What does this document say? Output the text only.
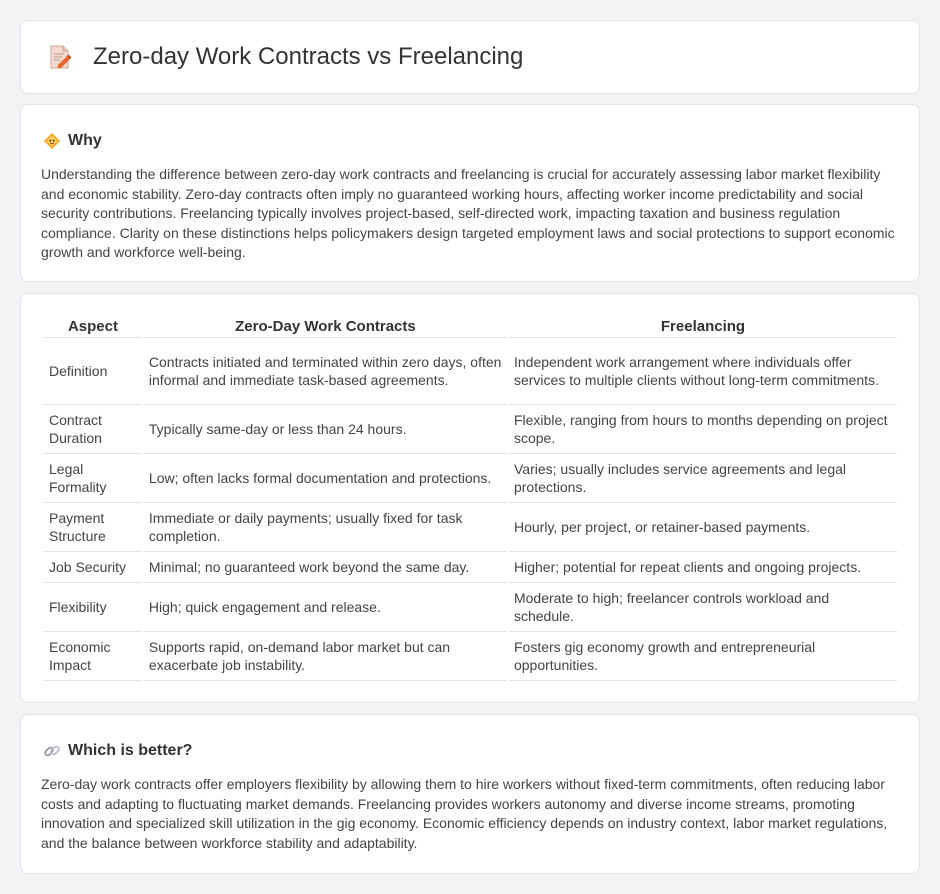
Zero-day Work Contracts vs Freelancing
Why

Understanding the difference between zero-day work contracts and freelancing is crucial for accurately assessing labor market flexibility and economic stability. Zero-day contracts often imply no guaranteed working hours, affecting worker income predictability and social security contributions. Freelancing typically involves project-based, self-directed work, impacting taxation and business regulation compliance. Clarity on these distinctions helps policymakers design targeted employment laws and social protections to support economic growth and workforce well-being.

Aspect	Zero-Day Work Contracts	Freelancing
Definition	Contracts initiated and terminated within zero days, often informal and immediate task-based agreements.	Independent work arrangement where individuals offer services to multiple clients without long-term commitments.
Contract Duration	Typically same-day or less than 24 hours.	Flexible, ranging from hours to months depending on project scope.
Legal Formality	Low; often lacks formal documentation and protections.	Varies; usually includes service agreements and legal protections.
Payment Structure	Immediate or daily payments; usually fixed for task completion.	Hourly, per project, or retainer-based payments.
Job Security	Minimal; no guaranteed work beyond the same day.	Higher; potential for repeat clients and ongoing projects.
Flexibility	High; quick engagement and release.	Moderate to high; freelancer controls workload and schedule.
Economic Impact	Supports rapid, on-demand labor market but can exacerbate job instability.	Fosters gig economy growth and entrepreneurial opportunities.
Which is better?

Zero-day work contracts offer employers flexibility by allowing them to hire workers without fixed-term commitments, often reducing labor costs and adapting to fluctuating market demands. Freelancing provides workers autonomy and diverse income streams, promoting innovation and specialized skill utilization in the gig economy. Economic efficiency depends on industry context, labor market regulations, and the balance between workforce stability and adaptability.
